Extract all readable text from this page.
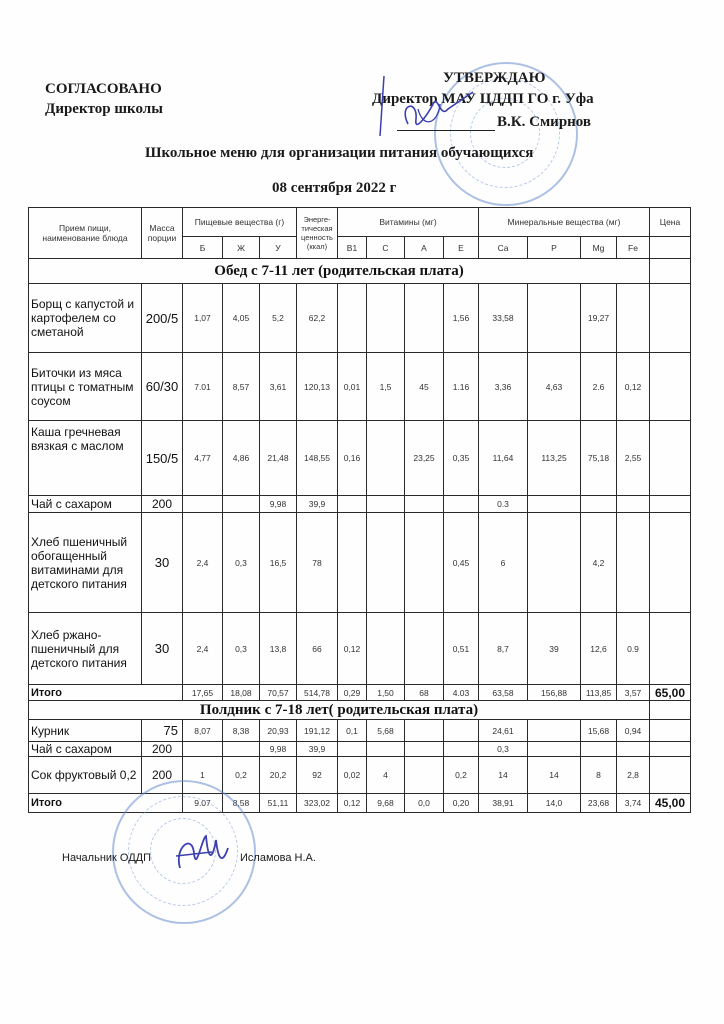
СОГЛАСОВАНО
Директор школы
УТВЕРЖДАЮ
Директор МАУ ЦДДП ГО г. Уфа
В.К. Смирнов
Школьное меню для организации питания обучающихся
08 сентября 2022 г
Прием пищи, наименование блюда	Масса порции	Пищевые вещества (г)			Энерге-тическая ценность (ккал)	Витамины (мг)				Минеральные вещества (мг)				Цена
		Б	Ж	У		B1	C	A	E	Ca	P	Mg	Fe	
Обед с 7-11 лет (родительская плата)														
Борщ с капустой и картофелем со сметаной	200/5	1,07	4,05	5,2	62,2				1,56	33,58		19,27		
Биточки из мяса птицы с томатным соусом	60/30	7.01	8,57	3,61	120,13	0,01	1,5	45	1.16	3,36	4,63	2.6	0,12	
Каша гречневая вязкая с маслом	150/5	4,77	4,86	21,48	148,55	0,16		23,25	0,35	11,64	113,25	75,18	2,55	
Чай с сахаром	200			9,98	39,9					0.3				
Хлеб пшеничный обогащенный витаминами для детского питания	30	2,4	0,3	16,5	78				0,45	6		4,2		
Хлеб ржано-пшеничный для детского питания	30	2,4	0,3	13,8	66	0,12			0,51	8,7	39	12,6	0.9	
Итого		17,65	18,08	70,57	514,78	0,29	1,50	68	4.03	63,58	156,88	113,85	3,57	65,00
Полдник с 7-18 лет( родительская плата)														
Курник	75	8,07	8,38	20,93	191,12	0,1	5,68			24,61		15,68	0,94	
Чай с сахаром	200			9,98	39,9					0,3				
Сок фруктовый 0,2	200	1	0,2	20,2	92	0,02	4		0,2	14	14	8	2,8	
Итого		9.07	8,58	51,11	323,02	0,12	9,68	0,0	0,20	38,91	14,0	23,68	3,74	45,00
Начальник ОДДП	Исламова Н.А.
